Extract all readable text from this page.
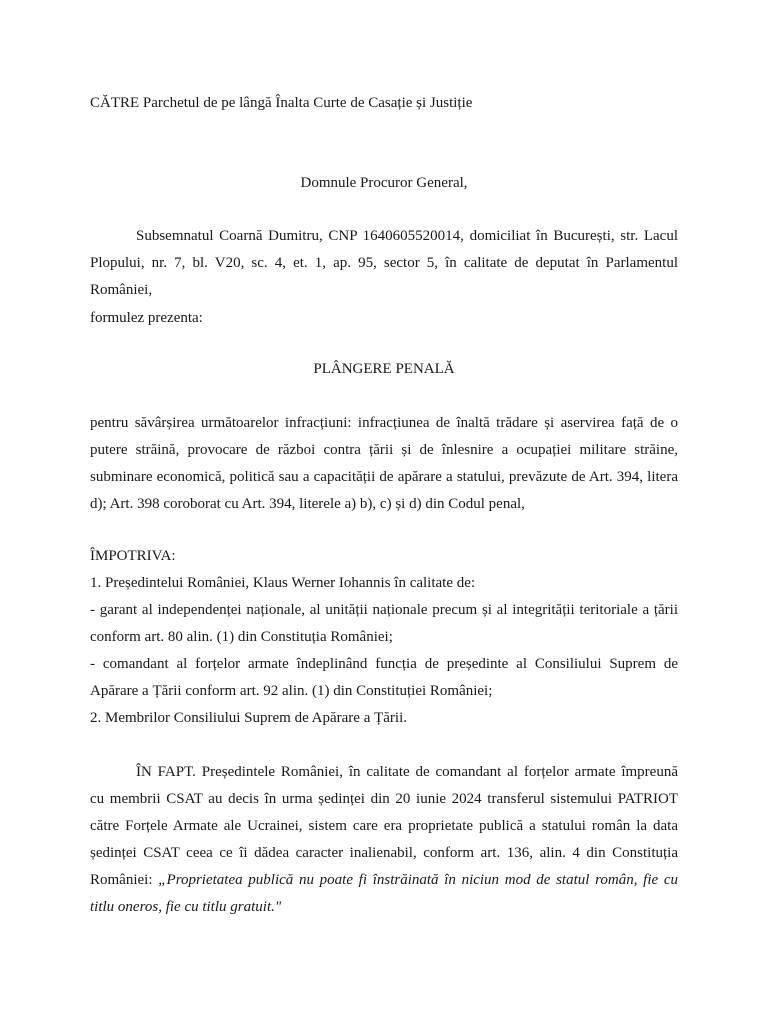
CĂTRE Parchetul de pe lângă Înalta Curte de Casație și Justiție
Domnule Procuror General,
Subsemnatul Coarnă Dumitru, CNP 1640605520014, domiciliat în București, str. Lacul
Plopului, nr. 7, bl. V20, sc. 4, et. 1, ap. 95, sector 5, în calitate de deputat în Parlamentul
României,
formulez prezenta:
PLÂNGERE PENALĂ
pentru săvârșirea următoarelor infracțiuni: infracțiunea de înaltă trădare și aservirea față de o
putere străină, provocare de război contra țării și de înlesnire a ocupației militare străine,
subminare economică, politică sau a capacității de apărare a statului, prevăzute de Art. 394, litera
d); Art. 398 coroborat cu Art. 394, literele a) b), c) și d) din Codul penal,
ÎMPOTRIVA:
1. Președintelui României, Klaus Werner Iohannis în calitate de:
- garant al independenței naționale, al unității naționale precum și al integrității teritoriale a țării
conform art. 80 alin. (1) din Constituția României;
- comandant al forțelor armate îndeplinând funcția de președinte al Consiliului Suprem de
Apărare a Țării conform art. 92 alin. (1) din Constituției României;
2. Membrilor Consiliului Suprem de Apărare a Țării.
ÎN FAPT. Președintele României, în calitate de comandant al forțelor armate împreună
cu membrii CSAT au decis în urma ședinței din 20 iunie 2024 transferul sistemului PATRIOT
către Forțele Armate ale Ucrainei, sistem care era proprietate publică a statului român la data
ședinței CSAT ceea ce îi dădea caracter inalienabil, conform art. 136, alin. 4 din Constituția
României: „Proprietatea publică nu poate fi înstrăinată în niciun mod de statul român, fie cu
titlu oneros, fie cu titlu gratuit."
